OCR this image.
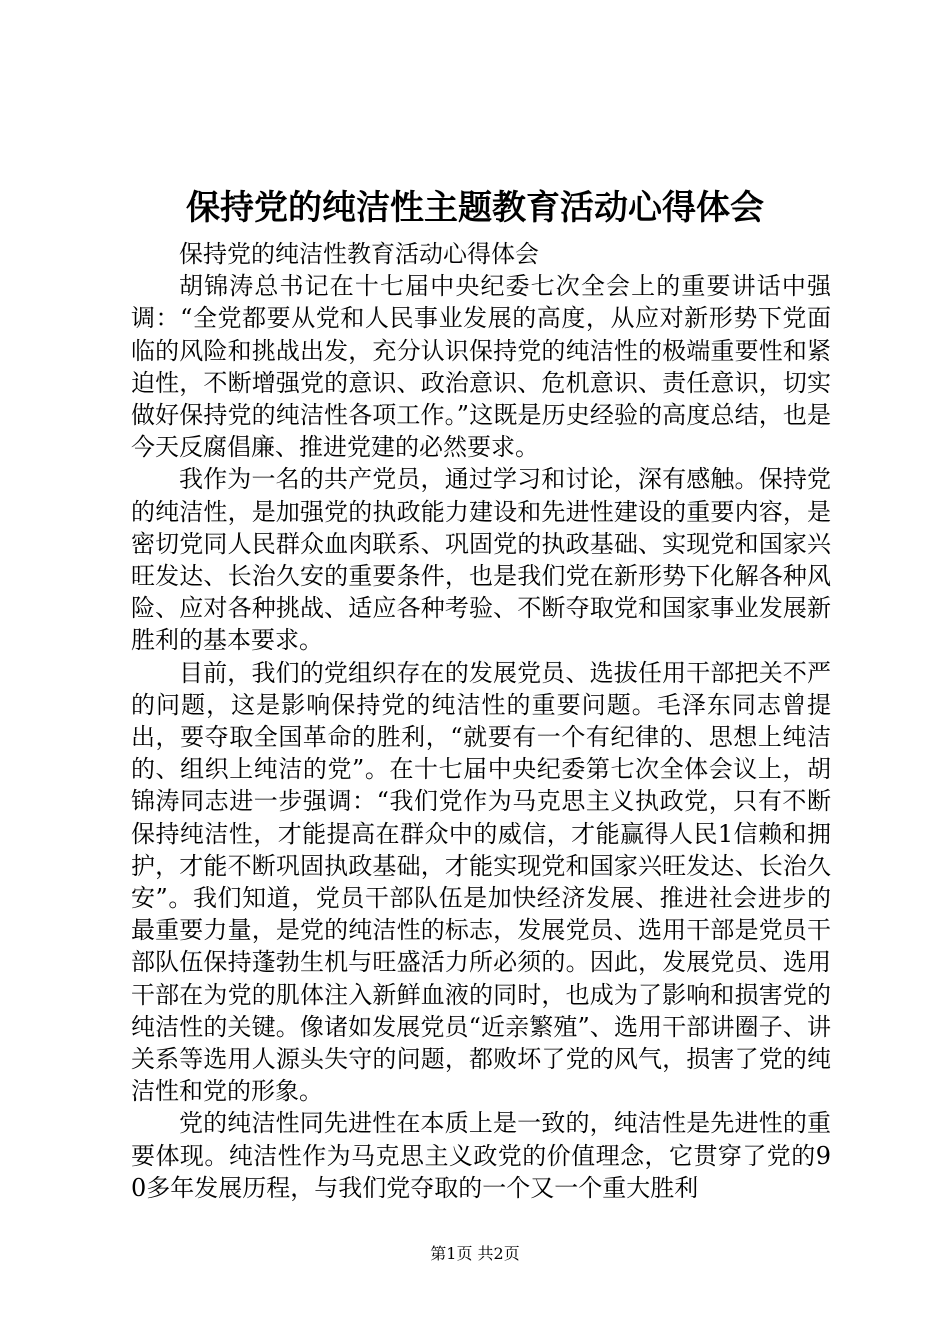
保持党的纯洁性主题教育活动心得体会

保持党的纯洁性教育活动心得体会

胡锦涛总书记在十七届中央纪委七次全会上的重要讲话中强调：“全党都要从党和人民事业发展的高度，从应对新形势下党面临的风险和挑战出发，充分认识保持党的纯洁性的极端重要性和紧迫性，不断增强党的意识、政治意识、危机意识、责任意识，切实做好保持党的纯洁性各项工作。”这既是历史经验的高度总结，也是今天反腐倡廉、推进党建的必然要求。

我作为一名的共产党员，通过学习和讨论，深有感触。保持党的纯洁性，是加强党的执政能力建设和先进性建设的重要内容，是密切党同人民群众血肉联系、巩固党的执政基础、实现党和国家兴旺发达、长治久安的重要条件，也是我们党在新形势下化解各种风险、应对各种挑战、适应各种考验、不断夺取党和国家事业发展新胜利的基本要求。

目前，我们的党组织存在的发展党员、选拔任用干部把关不严的问题，这是影响保持党的纯洁性的重要问题。毛泽东同志曾提出，要夺取全国革命的胜利，“就要有一个有纪律的、思想上纯洁的、组织上纯洁的党”。在十七届中央纪委第七次全体会议上，胡锦涛同志进一步强调：“我们党作为马克思主义执政党，只有不断保持纯洁性，才能提高在群众中的威信，才能赢得人民1信赖和拥护，才能不断巩固执政基础，才能实现党和国家兴旺发达、长治久安”。我们知道，党员干部队伍是加快经济发展、推进社会进步的最重要力量，是党的纯洁性的标志，发展党员、选用干部是党员干部队伍保持蓬勃生机与旺盛活力所必须的。因此，发展党员、选用干部在为党的肌体注入新鲜血液的同时，也成为了影响和损害党的纯洁性的关键。像诸如发展党员“近亲繁殖”、选用干部讲圈子、讲关系等选用人源头失守的问题，都败坏了党的风气，损害了党的纯洁性和党的形象。

党的纯洁性同先进性在本质上是一致的，纯洁性是先进性的重要体现。纯洁性作为马克思主义政党的价值理念，它贯穿了党的90多年发展历程，与我们党夺取的一个又一个重大胜利

第1页 共2页
